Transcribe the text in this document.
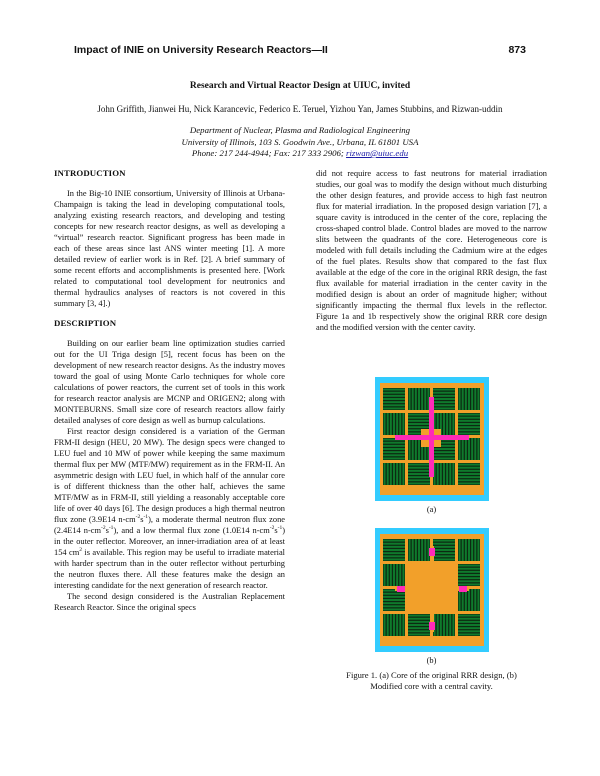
Impact of INIE on University Research Reactors—II	873
Research and Virtual Reactor Design at UIUC, invited
John Griffith, Jianwei Hu, Nick Karancevic, Federico E. Teruel, Yizhou Yan, James Stubbins, and Rizwan-uddin
Department of Nuclear, Plasma and Radiological Engineering
University of Illinois, 103 S. Goodwin Ave., Urbana, IL 61801 USA
Phone: 217 244-4944; Fax: 217 333 2906; rizwan@uiuc.edu
INTRODUCTION

In the Big-10 INIE consortium, University of Illinois at Urbana-Champaign is taking the lead in developing computational tools, analyzing existing research reactors, and developing and testing concepts for new research reactor designs, as well as developing a “virtual” research reactor. Significant progress has been made in each of these areas since last ANS winter meeting [1]. A more detailed review of earlier work is in Ref. [2]. A brief summary of some recent efforts and accomplishments is presented here. [Work related to computational tool development for neutronics and thermal hydraulics analyses of reactors is not covered in this summary [3, 4].)

DESCRIPTION

Building on our earlier beam line optimization studies carried out for the UI Triga design [5], recent focus has been on the development of new research reactor designs. As the industry moves toward the goal of using Monte Carlo techniques for whole core calculations of power reactors, the current set of tools in this work for research reactor analysis are MCNP and ORIGEN2; along with MONTEBURNS. Small size core of research reactors allow fairly detailed analyses of core design as well as burnup calculations.

First reactor design considered is a variation of the German FRM-II design (HEU, 20 MW). The design specs were changed to LEU fuel and 10 MW of power while keeping the same maximum thermal flux per MW (MTF/MW) requirement as in the FRM-II. An asymmetric design with LEU fuel, in which half of the annular core is of different thickness than the other half, achieves the same MTF/MW as in FRM-II, still yielding a reasonably acceptable core life of over 40 days [6]. The design produces a high thermal neutron flux zone (3.9E14 $n-cm^{-2}s^{-1}$), a moderate thermal neutron flux zone (2.4E14 $n-cm^{-2}s^{-1}$), and a low thermal flux zone (1.0E14 $n-cm^{-2}s^{-1}$) in the outer reflector. Moreover, an inner-irradiation area of at least 154 $cm^2$ is available. This region may be useful to irradiate material with harder spectrum than in the outer reflector without perturbing the neutron fluxes there. All these features make the design an interesting candidate for the next generation of research reactor.

The second design considered is the Australian Replacement Research Reactor. Since the original specs

did not require access to fast neutrons for material irradiation studies, our goal was to modify the design without much disturbing the other design features, and provide access to high fast neutron flux for material irradiation. In the proposed design variation [7], a square cavity is introduced in the center of the core, replacing the cross-shaped control blade. Control blades are moved to the narrow slits between the quadrants of the core. Heterogeneous core is modeled with full details including the Cadmium wire at the edges of the fuel plates. Results show that compared to the fast flux available at the edge of the core in the original RRR design, the fast flux available for material irradiation in the center cavity in the modified design is about an order of magnitude higher; without significantly impacting the thermal flux levels in the reflector. Figure 1a and 1b respectively show the original RRR core design and the modified version with the center cavity.

(a)
(b)
Figure 1. (a) Core of the original RRR design, (b)
Modified core with a central cavity.
